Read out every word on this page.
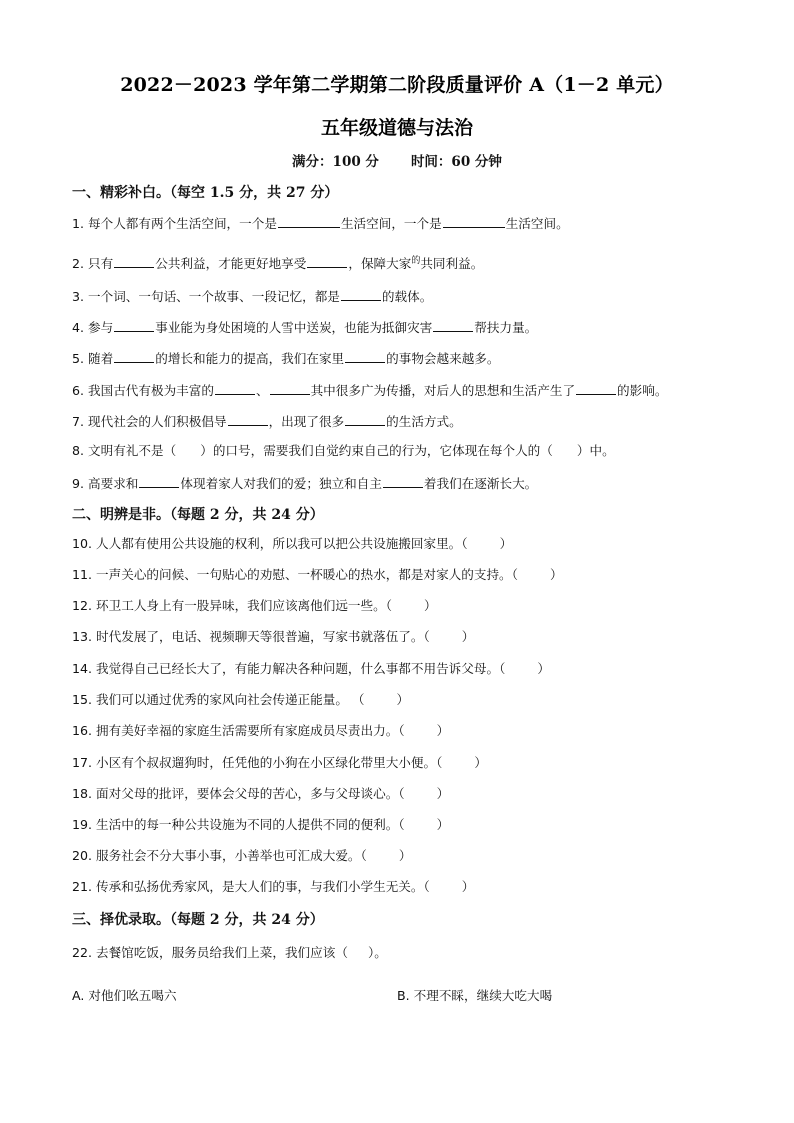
2022－2023 学年第二学期第二阶段质量评价 A（1－2 单元）
五年级道德与法治
满分：100 分 时间：60 分钟
一、精彩补白。（每空 1.5 分，共 27 分）
1. 每个人都有两个生活空间，一个是	生活空间，一个是	生活空间。
2. 只有	公共利益，才能更好地享受	，保障大家$^的$共同利益。
3. 一个词、一句话、一个故事、一段记忆，都是	的载体。
4. 参与	事业能为身处困境的人雪中送炭，也能为抵御灾害	帮扶力量。
5. 随着	的增长和能力的提高，我们在家里	的事物会越来越多。
6. 我国古代有极为丰富的	、	其中很多广为传播，对后人的思想和生活产生了	的影响。
7. 现代社会的人们积极倡导	，出现了很多	的生活方式。
8. 文明有礼不是（ ）的口号，需要我们自觉约束自己的行为，它体现在每个人的（ ）中。
9. 高要求和	体现着家人对我们的爱；独立和自主	着我们在逐渐长大。
二、明辨是非。（每题 2 分，共 24 分）
10. 人人都有使用公共设施的权利，所以我可以把公共设施搬回家里。（	）
11. 一声关心的问候、一句贴心的劝慰、一杯暖心的热水，都是对家人的支持。（	）
12. 环卫工人身上有一股异味，我们应该离他们远一些。（	）
13. 时代发展了，电话、视频聊天等很普遍，写家书就落伍了。（	）
14. 我觉得自己已经长大了，有能力解决各种问题，什么事都不用告诉父母。（	）
15. 我们可以通过优秀的家风向社会传递正能量。 （	）
16. 拥有美好幸福的家庭生活需要所有家庭成员尽责出力。（	）
17. 小区有个叔叔遛狗时，任凭他的小狗在小区绿化带里大小便。（	）
18. 面对父母的批评，要体会父母的苦心，多与父母谈心。（	）
19. 生活中的每一种公共设施为不同的人提供不同的便利。（	）
20. 服务社会不分大事小事，小善举也可汇成大爱。（	）
21. 传承和弘扬优秀家风，是大人们的事，与我们小学生无关。（	）
三、择优录取。（每题 2 分，共 24 分）
22. 去餐馆吃饭，服务员给我们上菜，我们应该（ ）。
A. 对他们吆五喝六	B. 不理不睬，继续大吃大喝
